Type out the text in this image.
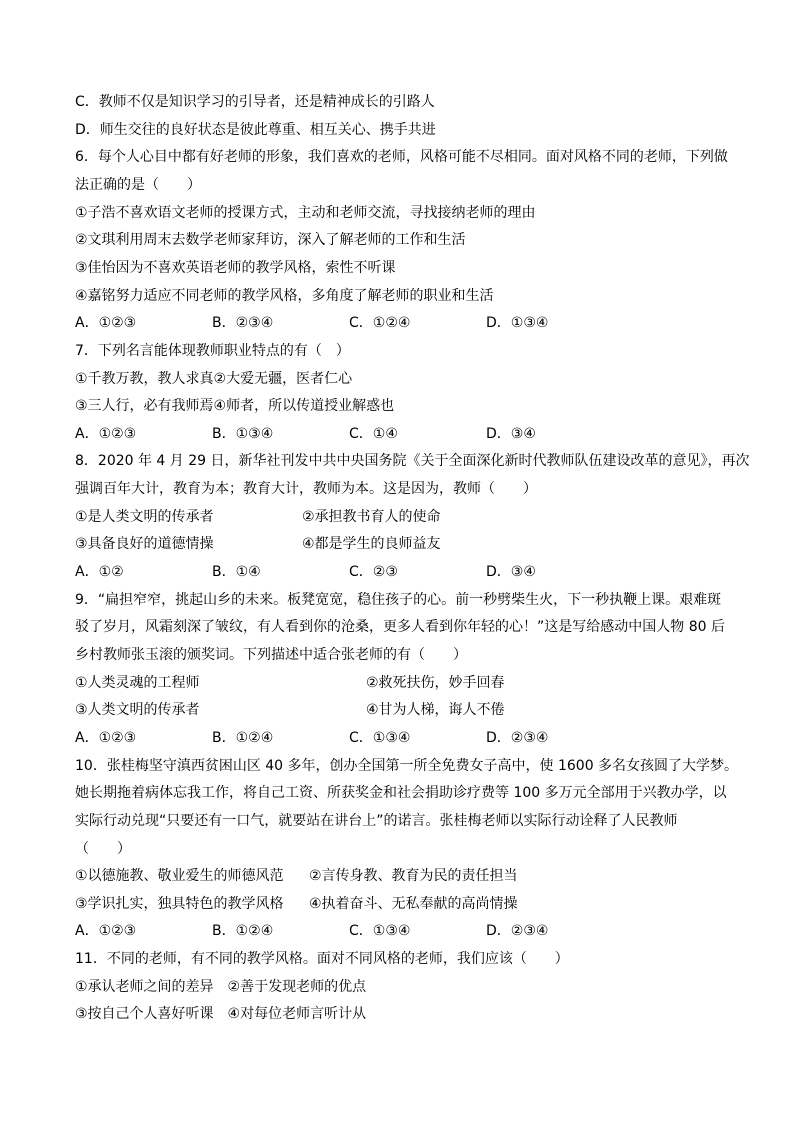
C．教师不仅是知识学习的引导者，还是精神成长的引路人
D．师生交往的良好状态是彼此尊重、相互关心、携手共进
6．每个人心目中都有好老师的形象，我们喜欢的老师，风格可能不尽相同。面对风格不同的老师，下列做
法正确的是（　　）
①子浩不喜欢语文老师的授课方式，主动和老师交流，寻找接纳老师的理由
②文琪利用周末去数学老师家拜访，深入了解老师的工作和生活
③佳怡因为不喜欢英语老师的教学风格，索性不听课
④嘉铭努力适应不同老师的教学风格，多角度了解老师的职业和生活
A．①②③	B．②③④	C．①②④	D．①③④
7．下列名言能体现教师职业特点的有（　）
①千教万教，教人求真②大爱无疆，医者仁心
③三人行，必有我师焉④师者，所以传道授业解惑也
A．①②③	B．①③④	C．①④	D．③④
8．2020 年 4 月 29 日，新华社刊发中共中央国务院《关于全面深化新时代教师队伍建设改革的意见》，再次
强调百年大计，教育为本；教育大计，教师为本。这是因为，教师（　　）
①是人类文明的传承者	②承担教书育人的使命
③具备良好的道德情操	④都是学生的良师益友
A．①②	B．①④	C．②③	D．③④
9．“扁担窄窄，挑起山乡的未来。板凳宽宽，稳住孩子的心。前一秒劈柴生火，下一秒执鞭上课。艰难斑
驳了岁月，风霜刻深了皱纹，有人看到你的沧桑，更多人看到你年轻的心！”这是写给感动中国人物 80 后
乡村教师张玉滚的颁奖词。下列描述中适合张老师的有（　　）
①人类灵魂的工程师	②救死扶伤，妙手回春
③人类文明的传承者	④甘为人梯，诲人不倦
A．①②③	B．①②④	C．①③④	D．②③④
10．张桂梅坚守滇西贫困山区 40 多年，创办全国第一所全免费女子高中，使 1600 多名女孩圆了大学梦。
她长期拖着病体忘我工作，将自己工资、所获奖金和社会捐助诊疗费等 100 多万元全部用于兴教办学，以
实际行动兑现“只要还有一口气，就要站在讲台上”的诺言。张桂梅老师以实际行动诠释了人民教师
（　　）
①以德施教、敬业爱生的师德风范 ②言传身教、教育为民的责任担当
③学识扎实，独具特色的教学风格 ④执着奋斗、无私奉献的高尚情操
A．①②③	B．①②④	C．①③④	D．②③④
11．不同的老师，有不同的教学风格。面对不同风格的老师，我们应该（　　）
①承认老师之间的差异　②善于发现老师的优点
③按自己个人喜好听课　④对每位老师言听计从
